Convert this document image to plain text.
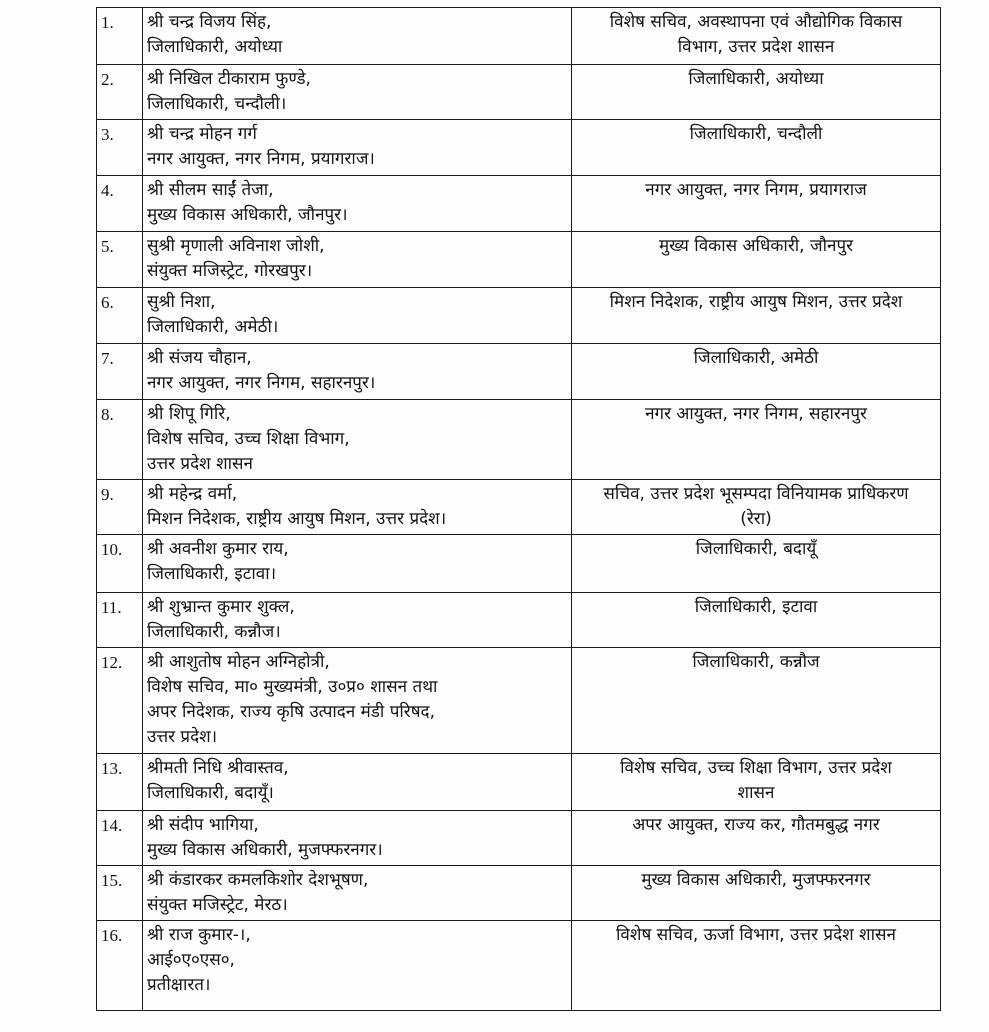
1.	श्री चन्द्र विजय सिंह,
जिलाधिकारी, अयोध्या	विशेष सचिव, अवस्थापना एवं औद्योगिक विकास
विभाग, उत्तर प्रदेश शासन

2.	श्री निखिल टीकाराम फुण्डे,
जिलाधिकारी, चन्दौली।	जिलाधिकारी, अयोध्या

3.	श्री चन्द्र मोहन गर्ग
नगर आयुक्त, नगर निगम, प्रयागराज।	जिलाधिकारी, चन्दौली

4.	श्री सीलम साईं तेजा,
मुख्य विकास अधिकारी, जौनपुर।	नगर आयुक्त, नगर निगम, प्रयागराज

5.	सुश्री मृणाली अविनाश जोशी,
संयुक्त मजिस्ट्रेट, गोरखपुर।	मुख्य विकास अधिकारी, जौनपुर

6.	सुश्री निशा,
जिलाधिकारी, अमेठी।	मिशन निदेशक, राष्ट्रीय आयुष मिशन, उत्तर प्रदेश

7.	श्री संजय चौहान,
नगर आयुक्त, नगर निगम, सहारनपुर।	जिलाधिकारी, अमेठी

8.	श्री शिपू गिरि,
विशेष सचिव, उच्च शिक्षा विभाग,
उत्तर प्रदेश शासन	नगर आयुक्त, नगर निगम, सहारनपुर

9.	श्री महेन्द्र वर्मा,
मिशन निदेशक, राष्ट्रीय आयुष मिशन, उत्तर प्रदेश।	सचिव, उत्तर प्रदेश भूसम्पदा विनियामक प्राधिकरण
(रेरा)

10.	श्री अवनीश कुमार राय,
जिलाधिकारी, इटावा।	जिलाधिकारी, बदायूँ

11.	श्री शुभ्रान्त कुमार शुक्ल,
जिलाधिकारी, कन्नौज।	जिलाधिकारी, इटावा

12.	श्री आशुतोष मोहन अग्निहोत्री,
विशेष सचिव, मा० मुख्यमंत्री, उ०प्र० शासन तथा
अपर निदेशक, राज्य कृषि उत्पादन मंडी परिषद,
उत्तर प्रदेश।	जिलाधिकारी, कन्नौज

13.	श्रीमती निधि श्रीवास्तव,
जिलाधिकारी, बदायूँ।	विशेष सचिव, उच्च शिक्षा विभाग, उत्तर प्रदेश
शासन

14.	श्री संदीप भागिया,
मुख्य विकास अधिकारी, मुजफ्फरनगर।	अपर आयुक्त, राज्य कर, गौतमबुद्ध नगर

15.	श्री कंडारकर कमलकिशोर देशभूषण,
संयुक्त मजिस्ट्रेट, मेरठ।	मुख्य विकास अधिकारी, मुजफ्फरनगर

16.	श्री राज कुमार-।,
आई०ए०एस०,
प्रतीक्षारत।	विशेष सचिव, ऊर्जा विभाग, उत्तर प्रदेश शासन
